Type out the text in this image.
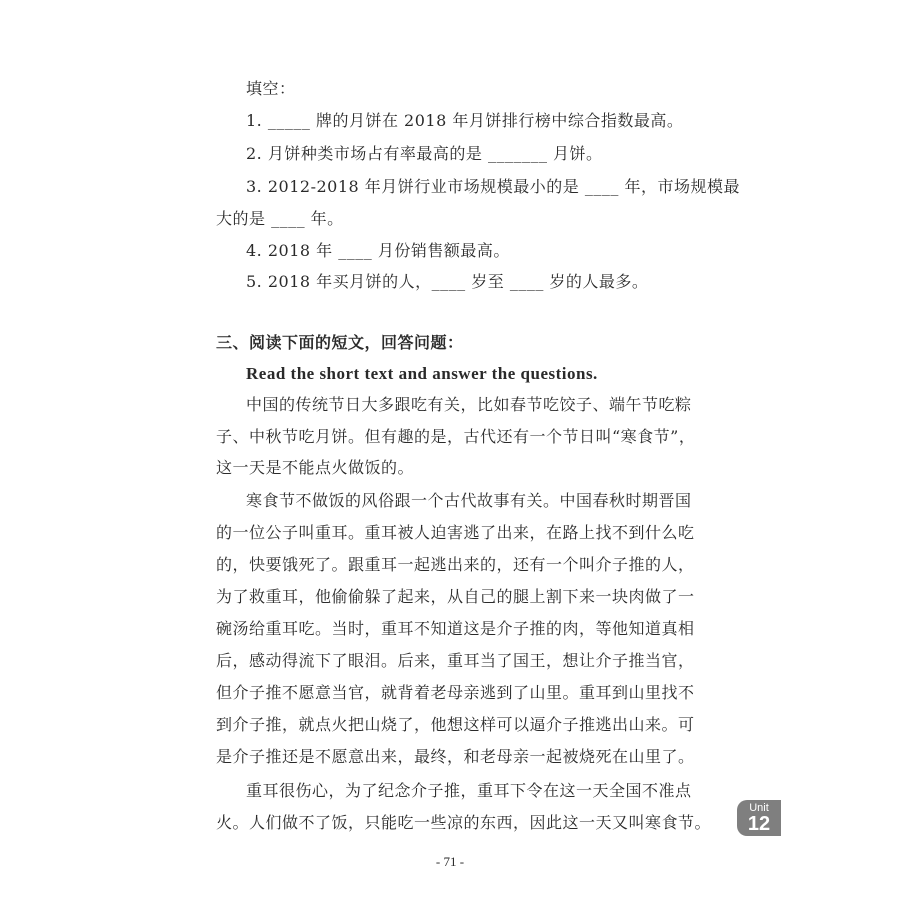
填空：
1. _____ 牌的月饼在 2018 年月饼排行榜中综合指数最高。
2. 月饼种类市场占有率最高的是 _______ 月饼。
3. 2012-2018 年月饼行业市场规模最小的是 ____ 年，市场规模最
大的是 ____ 年。
4. 2018 年 ____ 月份销售额最高。
5. 2018 年买月饼的人，____ 岁至 ____ 岁的人最多。
三、阅读下面的短文，回答问题：
Read the short text and answer the questions.
中国的传统节日大多跟吃有关，比如春节吃饺子、端午节吃粽
子、中秋节吃月饼。但有趣的是，古代还有一个节日叫“寒食节”，
这一天是不能点火做饭的。
寒食节不做饭的风俗跟一个古代故事有关。中国春秋时期晋国
的一位公子叫重耳。重耳被人迫害逃了出来，在路上找不到什么吃
的，快要饿死了。跟重耳一起逃出来的，还有一个叫介子推的人，
为了救重耳，他偷偷躲了起来，从自己的腿上割下来一块肉做了一
碗汤给重耳吃。当时，重耳不知道这是介子推的肉，等他知道真相
后，感动得流下了眼泪。后来，重耳当了国王，想让介子推当官，
但介子推不愿意当官，就背着老母亲逃到了山里。重耳到山里找不
到介子推，就点火把山烧了，他想这样可以逼介子推逃出山来。可
是介子推还是不愿意出来，最终，和老母亲一起被烧死在山里了。
重耳很伤心，为了纪念介子推，重耳下令在这一天全国不准点
火。人们做不了饭，只能吃一些凉的东西，因此这一天又叫寒食节。
Unit
12
- 71 -
